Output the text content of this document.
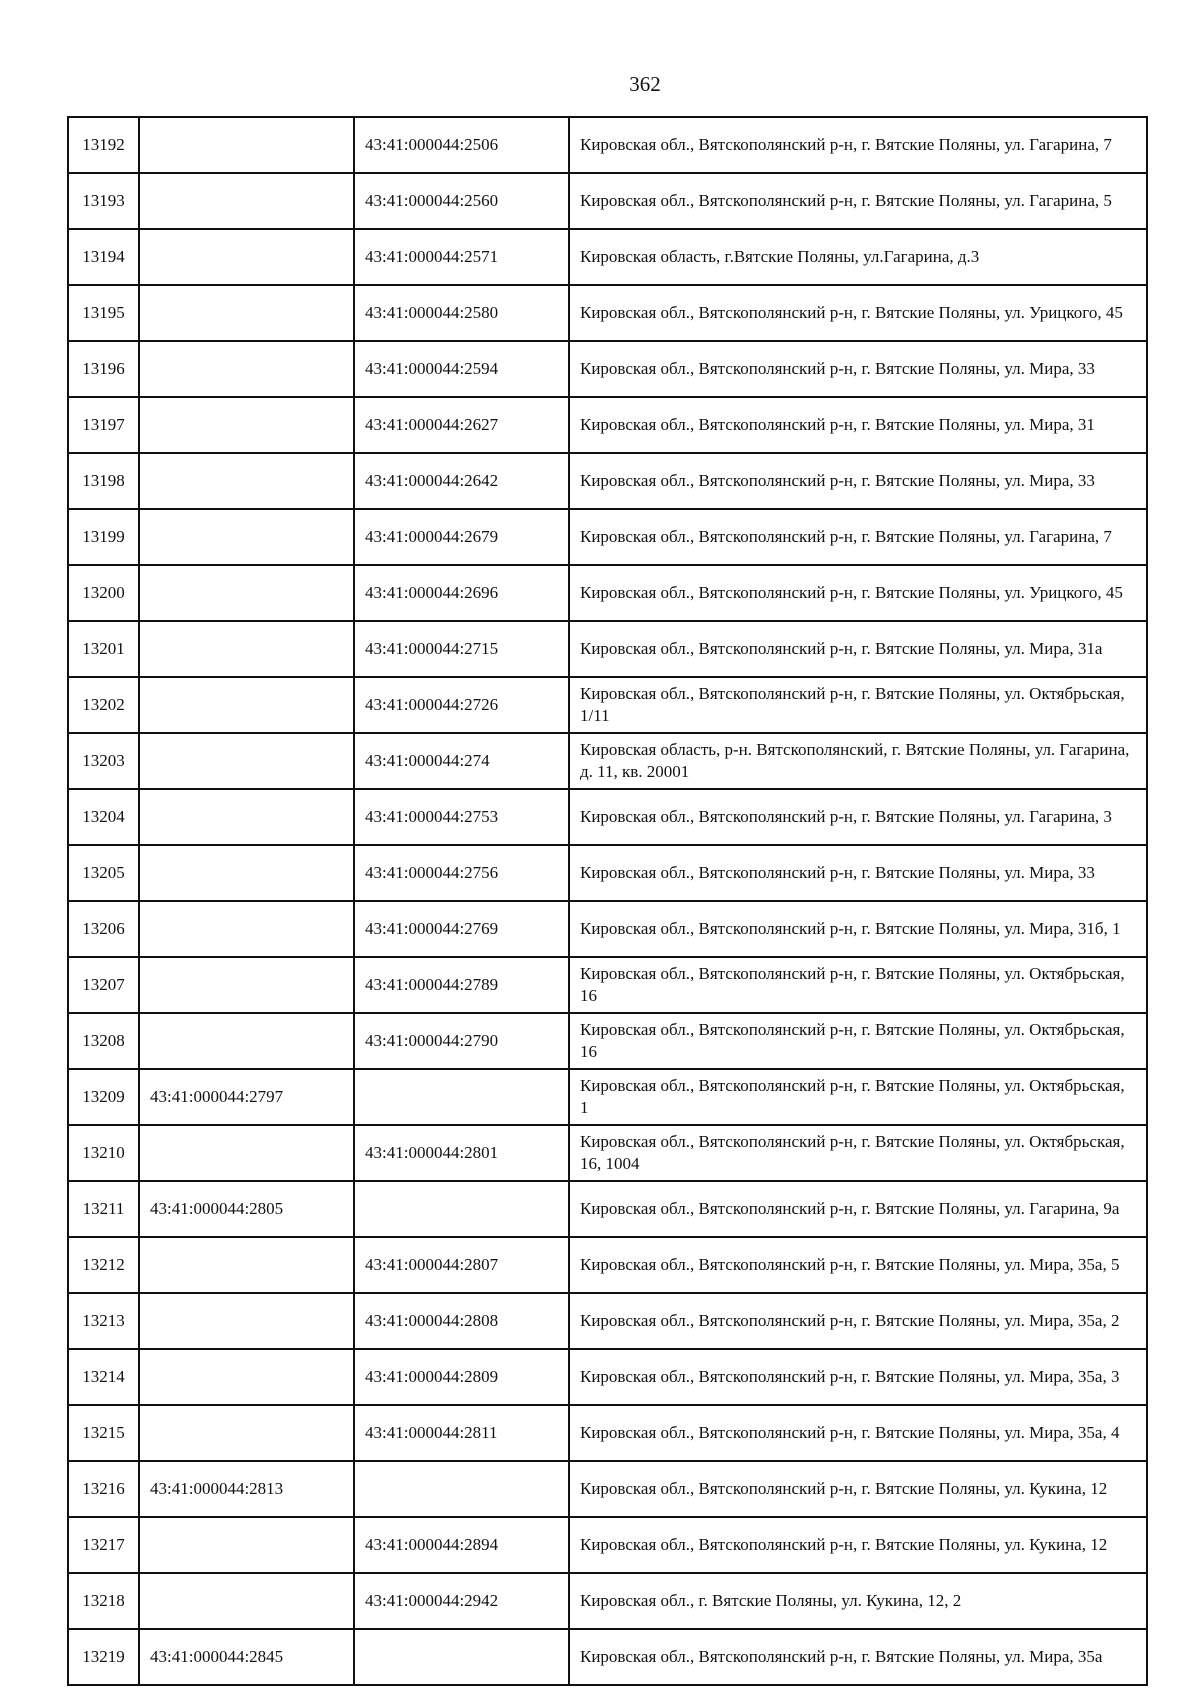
362
13192		43:41:000044:2506	Кировская обл., Вятскополянский р-н, г. Вятские Поляны, ул. Гагарина, 7
13193		43:41:000044:2560	Кировская обл., Вятскополянский р-н, г. Вятские Поляны, ул. Гагарина, 5
13194		43:41:000044:2571	Кировская область, г.Вятские Поляны, ул.Гагарина, д.3
13195		43:41:000044:2580	Кировская обл., Вятскополянский р-н, г. Вятские Поляны, ул. Урицкого, 45
13196		43:41:000044:2594	Кировская обл., Вятскополянский р-н, г. Вятские Поляны, ул. Мира, 33
13197		43:41:000044:2627	Кировская обл., Вятскополянский р-н, г. Вятские Поляны, ул. Мира, 31
13198		43:41:000044:2642	Кировская обл., Вятскополянский р-н, г. Вятские Поляны, ул. Мира, 33
13199		43:41:000044:2679	Кировская обл., Вятскополянский р-н, г. Вятские Поляны, ул. Гагарина, 7
13200		43:41:000044:2696	Кировская обл., Вятскополянский р-н, г. Вятские Поляны, ул. Урицкого, 45
13201		43:41:000044:2715	Кировская обл., Вятскополянский р-н, г. Вятские Поляны, ул. Мира, 31а
13202		43:41:000044:2726	Кировская обл., Вятскополянский р-н, г. Вятские Поляны, ул. Октябрьская, 1/11
13203		43:41:000044:274	Кировская область, р-н. Вятскополянский, г. Вятские Поляны, ул. Гагарина, д. 11, кв. 20001
13204		43:41:000044:2753	Кировская обл., Вятскополянский р-н, г. Вятские Поляны, ул. Гагарина, 3
13205		43:41:000044:2756	Кировская обл., Вятскополянский р-н, г. Вятские Поляны, ул. Мира, 33
13206		43:41:000044:2769	Кировская обл., Вятскополянский р-н, г. Вятские Поляны, ул. Мира, 31б, 1
13207		43:41:000044:2789	Кировская обл., Вятскополянский р-н, г. Вятские Поляны, ул. Октябрьская, 16
13208		43:41:000044:2790	Кировская обл., Вятскополянский р-н, г. Вятские Поляны, ул. Октябрьская, 16
13209	43:41:000044:2797		Кировская обл., Вятскополянский р-н, г. Вятские Поляны, ул. Октябрьская, 1
13210		43:41:000044:2801	Кировская обл., Вятскополянский р-н, г. Вятские Поляны, ул. Октябрьская, 16, 1004
13211	43:41:000044:2805		Кировская обл., Вятскополянский р-н, г. Вятские Поляны, ул. Гагарина, 9а
13212		43:41:000044:2807	Кировская обл., Вятскополянский р-н, г. Вятские Поляны, ул. Мира, 35а, 5
13213		43:41:000044:2808	Кировская обл., Вятскополянский р-н, г. Вятские Поляны, ул. Мира, 35а, 2
13214		43:41:000044:2809	Кировская обл., Вятскополянский р-н, г. Вятские Поляны, ул. Мира, 35а, 3
13215		43:41:000044:2811	Кировская обл., Вятскополянский р-н, г. Вятские Поляны, ул. Мира, 35а, 4
13216	43:41:000044:2813		Кировская обл., Вятскополянский р-н, г. Вятские Поляны, ул. Кукина, 12
13217		43:41:000044:2894	Кировская обл., Вятскополянский р-н, г. Вятские Поляны, ул. Кукина, 12
13218		43:41:000044:2942	Кировская обл., г. Вятские Поляны, ул. Кукина, 12, 2
13219	43:41:000044:2845		Кировская обл., Вятскополянский р-н, г. Вятские Поляны, ул. Мира, 35а
